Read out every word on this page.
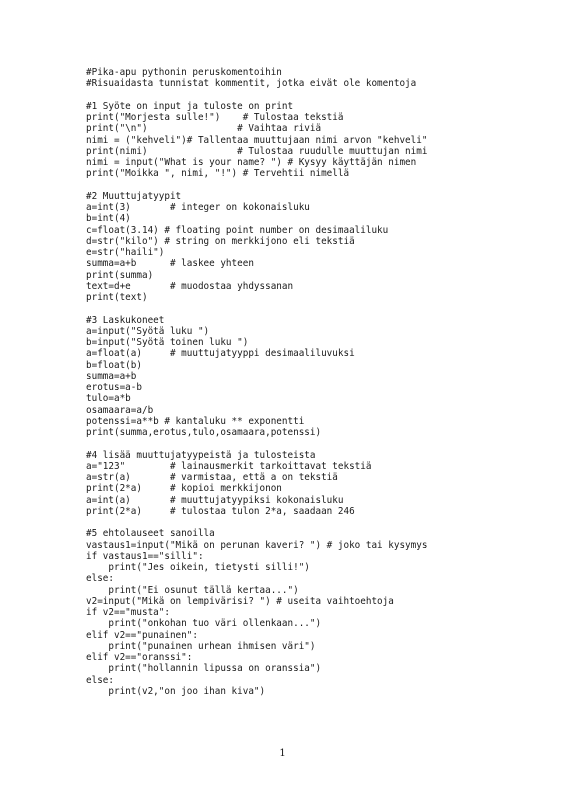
#Pika-apu pythonin peruskomentoihin
#Risuaidasta tunnistat kommentit, jotka eivät ole komentoja
#1 Syöte on input ja tuloste on print
print("Morjesta sulle!")    # Tulostaa tekstiä
print("\n")                # Vaihtaa riviä
nimi = ("kehveli")# Tallentaa muuttujaan nimi arvon "kehveli"
print(nimi)                # Tulostaa ruudulle muuttujan nimi
nimi = input("What is your name? ") # Kysyy käyttäjän nimen
print("Moikka ", nimi, "!") # Tervehtii nimellä
#2 Muuttujatyypit
a=int(3)       # integer on kokonaisluku
b=int(4)
c=float(3.14) # floating point number on desimaaliluku
d=str("kilo") # string on merkkijono eli tekstiä
e=str("haili")
summa=a+b      # laskee yhteen
print(summa)
text=d+e       # muodostaa yhdyssanan
print(text)
#3 Laskukoneet
a=input("Syötä luku ")
b=input("Syötä toinen luku ")
a=float(a)     # muuttujatyyppi desimaaliluvuksi
b=float(b)
summa=a+b
erotus=a-b
tulo=a*b
osamaara=a/b
potenssi=a**b # kantaluku ** exponentti
print(summa,erotus,tulo,osamaara,potenssi)
#4 lisää muuttujatyypeistä ja tulosteista
a="123"        # lainausmerkit tarkoittavat tekstiä
a=str(a)       # varmistaa, että a on tekstiä
print(2*a)     # kopioi merkkijonon
a=int(a)       # muuttujatyypiksi kokonaisluku
print(2*a)     # tulostaa tulon 2*a, saadaan 246
#5 ehtolauseet sanoilla
vastaus1=input("Mikä on perunan kaveri? ") # joko tai kysymys
if vastaus1=="silli":
print("Jes oikein, tietysti silli!")
else:
print("Ei osunut tällä kertaa...")
v2=input("Mikä on lempivärisi? ") # useita vaihtoehtoja
if v2=="musta":
print("onkohan tuo väri ollenkaan...")
elif v2=="punainen":
print("punainen urhean ihmisen väri")
elif v2=="oranssi":
print("hollannin lipussa on oranssia")
else:
print(v2,"on joo ihan kiva")
1
